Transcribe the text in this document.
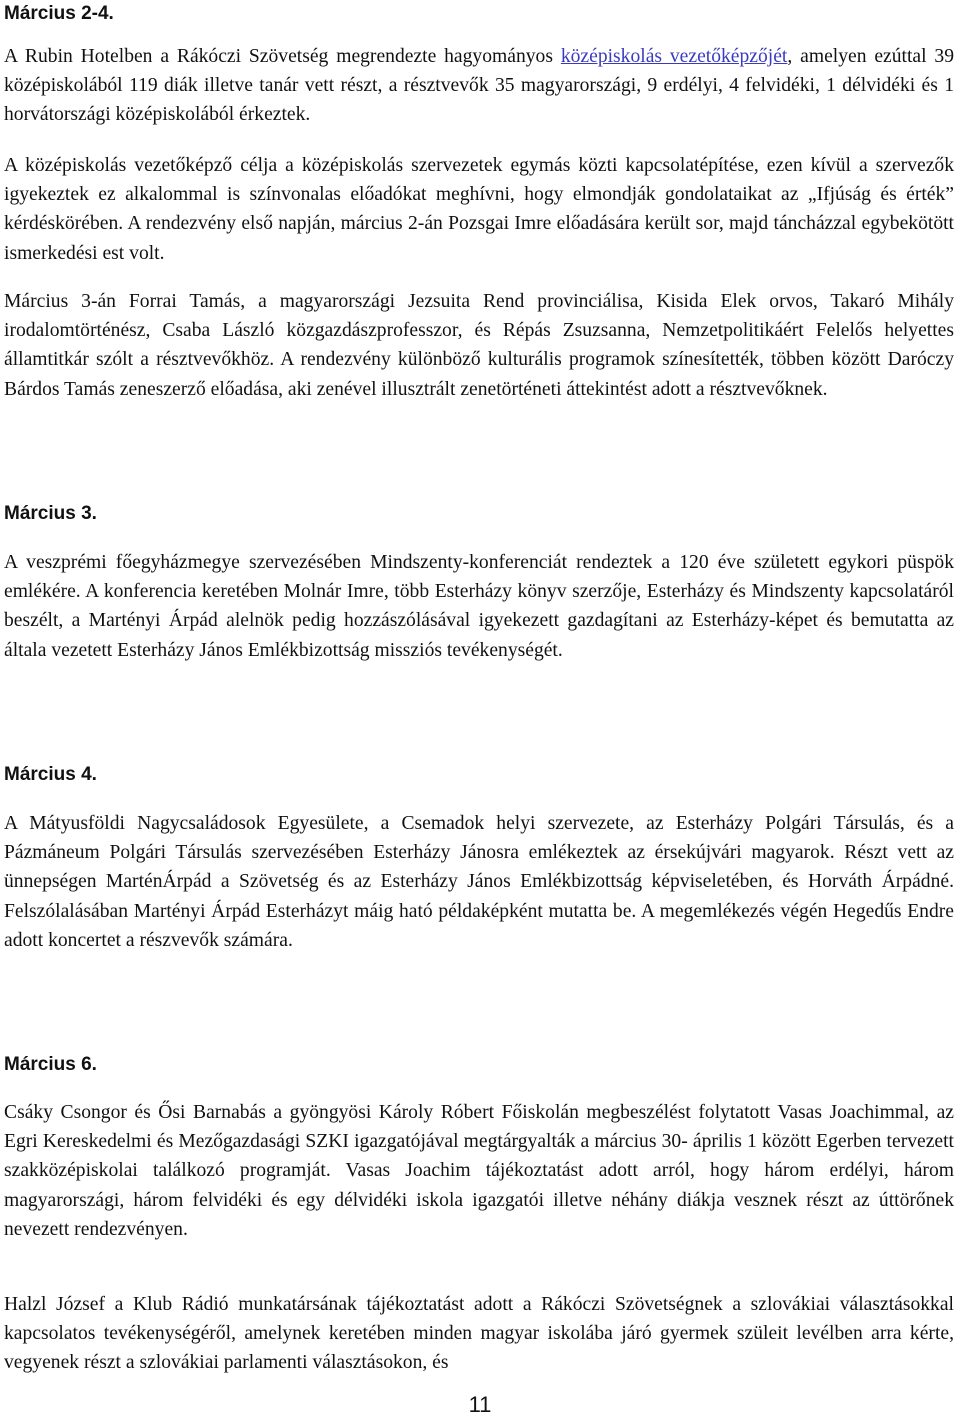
Március 2-4.

A Rubin Hotelben a Rákóczi Szövetség megrendezte hagyományos középiskolás vezetőképzőjét, amelyen ezúttal 39 középiskolából 119 diák illetve tanár vett részt, a résztvevők 35 magyarországi, 9 erdélyi, 4 felvidéki, 1 délvidéki és 1 horvátországi középiskolából érkeztek.

A középiskolás vezetőképző célja a középiskolás szervezetek egymás közti kapcsolatépítése, ezen kívül a szervezők igyekeztek ez alkalommal is színvonalas előadókat meghívni, hogy elmondják gondolataikat az „Ifjúság és érték” kérdéskörében. A rendezvény első napján, március 2-án Pozsgai Imre előadására került sor, majd táncházzal egybekötött ismerkedési est volt.

Március 3-án Forrai Tamás, a magyarországi Jezsuita Rend provinciálisa, Kisida Elek orvos, Takaró Mihály irodalomtörténész, Csaba László közgazdászprofesszor, és Répás Zsuzsanna, Nemzetpolitikáért Felelős helyettes államtitkár szólt a résztvevőkhöz. A rendezvény különböző kulturális programok színesítették, többen között Daróczy Bárdos Tamás zeneszerző előadása, aki zenével illusztrált zenetörténeti áttekintést adott a résztvevőknek.

Március 3.

A veszprémi főegyházmegye szervezésében Mindszenty-konferenciát rendeztek a 120 éve született egykori püspök emlékére. A konferencia keretében Molnár Imre, több Esterházy könyv szerzője, Esterházy és Mindszenty kapcsolatáról beszélt, a Martényi Árpád alelnök pedig hozzászólásával igyekezett gazdagítani az Esterházy-képet és bemutatta az általa vezetett Esterházy János Emlékbizottság missziós tevékenységét.

Március 4.

A Mátyusföldi Nagycsaládosok Egyesülete, a Csemadok helyi szervezete, az Esterházy Polgári Társulás, és a Pázmáneum Polgári Társulás szervezésében Esterházy Jánosra emlékeztek az érsekújvári magyarok. Részt vett az ünnepségen MarténÁrpád a Szövetség és az Esterházy János Emlékbizottság képviseletében, és Horváth Árpádné. Felszólalásában Martényi Árpád Esterházyt máig ható példaképként mutatta be. A megemlékezés végén Hegedűs Endre adott koncertet a részvevők számára.

Március 6.

Csáky Csongor és Ősi Barnabás a gyöngyösi Károly Róbert Főiskolán megbeszélést folytatott Vasas Joachimmal, az Egri Kereskedelmi és Mezőgazdasági SZKI igazgatójával megtárgyalták a március 30- április 1 között Egerben tervezett szakközépiskolai találkozó programját. Vasas Joachim tájékoztatást adott arról, hogy három erdélyi, három magyarországi, három felvidéki és egy délvidéki iskola igazgatói illetve néhány diákja vesznek részt az úttörőnek nevezett rendezvényen.

Halzl József a Klub Rádió munkatársának tájékoztatást adott a Rákóczi Szövetségnek a szlovákiai választásokkal kapcsolatos tevékenységéről, amelynek keretében minden magyar iskolába járó gyermek szüleit levélben arra kérte, vegyenek részt a szlovákiai parlamenti választásokon, és

11
